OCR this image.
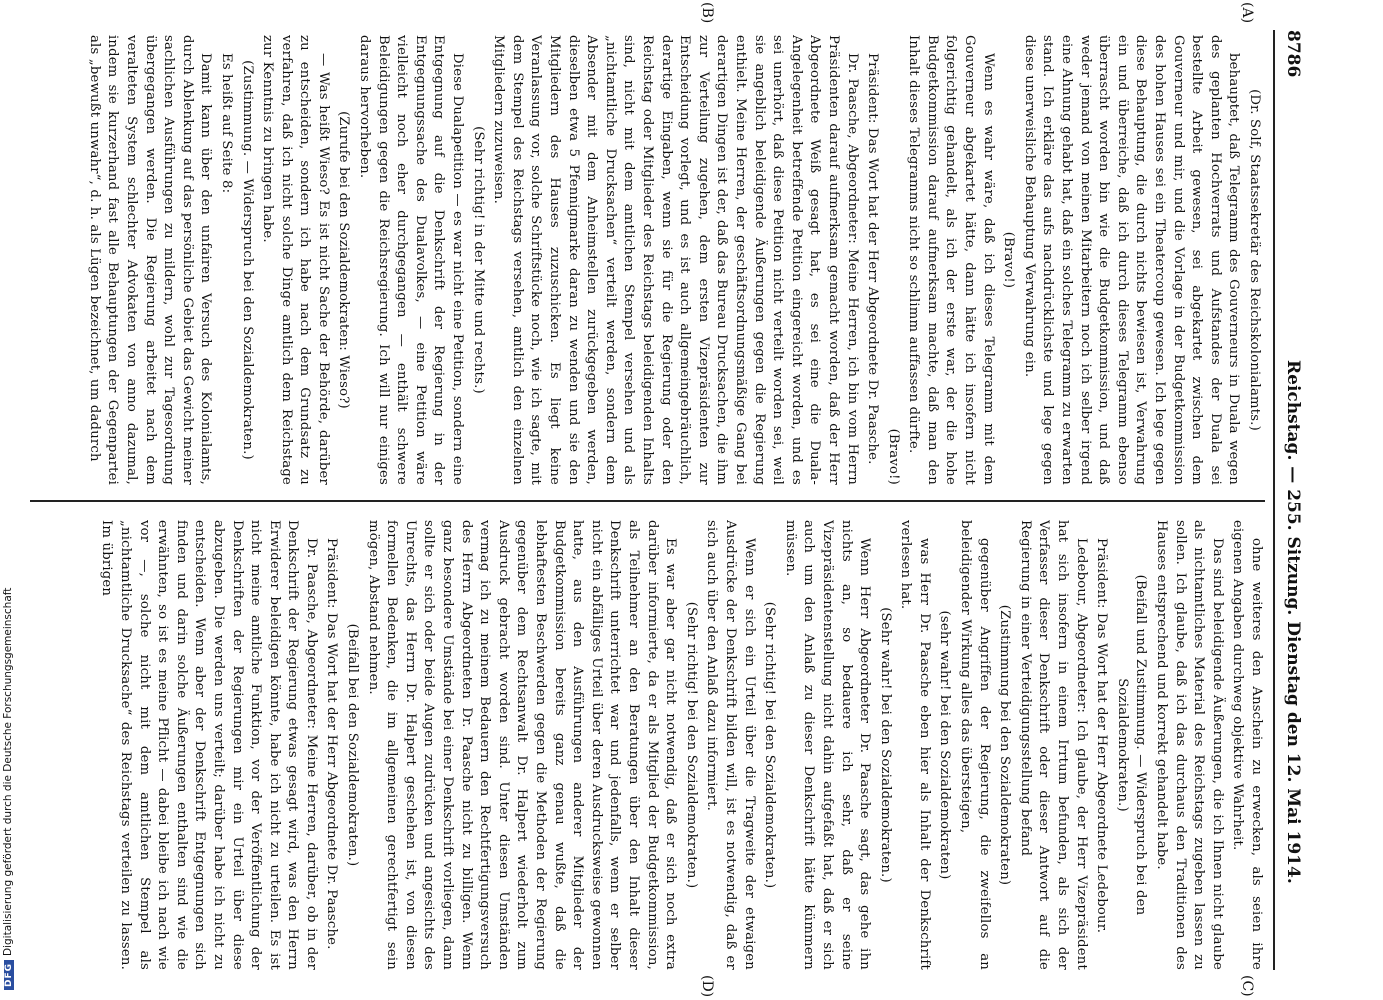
DFGDigitalisierung gefördert durch die Deutsche Forschungsgemeinschaft
8786
Reichstag. — 255. Sitzung. Dienstag den 12. Mai 1914.
(A)
(B)
(C)
(D)

(Dr. Solf, Staatssekretär des Reichskolonialamts.)

behauptet, daß Telegramm des Gouverneurs in Duala wegen des geplanten Hochverrats und Aufstandes der Duala sei bestellte Arbeit gewesen, sei abgekartet zwischen dem Gouverneur und mir, und die Vorlage in der Budgetkommission des hohen Hauses sei ein Theatercoup gewesen. Ich lege gegen diese Behauptung, die durch nichts bewiesen ist, Verwahrung ein und überreiche, daß ich durch dieses Telegramm ebenso überrascht worden bin wie die Budgetkommission, und daß weder jemand von meinen Mitarbeitern noch ich selber irgend eine Ahnung gehabt hat, daß ein solches Telegramm zu erwarten stand. Ich erkläre das aufs nachdrücklichste und lege gegen diese unerweisliche Behauptung Verwahrung ein.

(Bravo!)

Wenn es wahr wäre, daß ich dieses Telegramm mit dem Gouverneur abgekartet hätte, dann hätte ich insofern nicht folgerichtig gehandelt, als ich der erste war, der die hohe Budgetkommission darauf aufmerksam machte, daß man den Inhalt dieses Telegramms nicht so schlimm auffassen dürfte.

(Bravo!)

Präsident: Das Wort hat der Herr Abgeordnete Dr. Paasche.

Dr. Paasche, Abgeordneter: Meine Herren, ich bin vom Herrn Präsidenten darauf aufmerksam gemacht worden, daß der Herr Abgeordnete Weiß gesagt hat, es sei eine die Duala-Angelegenheit betreffende Petition eingereicht worden, und es sei unerhört, daß diese Petition nicht verteilt worden sei, weil sie angeblich beleidigende Äußerungen gegen die Regierung enthielt. Meine Herren, der geschäftsordnungsmäßige Gang bei derartigen Dingen ist der, daß das Bureau Drucksachen, die ihm zur Verteilung zugehen, dem ersten Vizepräsidenten zur Entscheidung vorlegt, und es ist auch allgemeingebräuchlich, derartige Eingaben, wenn sie für die Regierung oder den Reichstag oder Mitglieder des Reichstags beleidigenden Inhalts sind, nicht mit dem amtlichen Stempel versehen und als „nichtamtliche Drucksachen“ verteilt werden, sondern dem Absender mit dem Anheimstellen zurückgegeben werden, dieselben etwa 5 Pfennigmarke daran zu wenden und sie den Mitgliedern des Hauses zuzuschicken. Es liegt keine Veranlassung vor, solche Schriftstücke noch, wie ich sagte, mit dem Stempel des Reichstags versehen, amtlich den einzelnen Mitgliedern zuzuweisen.

(Sehr richtig! in der Mitte und rechts.)

Diese Dualapetition — es war nicht eine Petition, sondern eine Entgegnung auf die Denkschrift der Regierung in der Entgegnungssache des Dualavolkes, — eine Petition wäre vielleicht noch eher durchgegangen — enthält schwere Beleidigungen gegen die Reichsregierung. Ich will nur einiges daraus hervorheben.

(Zurufe bei den Sozialdemokraten: Wieso?)

— Was heißt Wieso? Es ist nicht Sache der Behörde, darüber zu entscheiden, sondern ich habe nach dem Grundsatz zu verfahren, daß ich nicht solche Dinge amtlich dem Reichstage zur Kenntnis zu bringen habe.

(Zustimmung. — Widerspruch bei den Sozialdemokraten.)

Es heißt auf Seite 8:

Damit kann über den unfairen Versuch des Kolonialamts, durch Ablenkung auf das persönliche Gebiet das Gewicht meiner sachlichen Ausführungen zu mildern, wohl zur Tagesordnung übergegangen werden. Die Regierung arbeitet nach dem veralteten System schlechter Advokaten von anno dazumal, indem sie kurzerhand fast alle Behauptungen der Gegenpartei als „bewußt unwahr“, d. h. als Lügen bezeichnet, um dadurch

ohne weiteres den Anschein zu erwecken, als seien ihre eigenen Angaben durchweg objektive Wahrheit.

Das sind beleidigende Äußerungen, die ich Ihnen nicht glaube als nichtamtliches Material des Reichstags zugeben lassen zu sollen. Ich glaube, daß ich das durchaus den Traditionen des Hauses entsprechend und korrekt gehandelt habe.

(Beifall und Zustimmung. — Widerspruch bei den Sozialdemokraten.)

Präsident: Das Wort hat der Herr Abgeordnete Ledebour.

Ledebour, Abgeordneter: Ich glaube, der Herr Vizepräsident hat sich insofern in einem Irrtum befunden, als sich der Verfasser dieser Denkschrift oder dieser Antwort auf die Regierung in einer Verteidigungsstellung befand

(Zustimmung bei den Sozialdemokraten)

gegenüber Angriffen der Regierung, die zweifellos an beleidigender Wirkung alles das übersteigen,

(sehr wahr! bei den Sozialdemokraten)

was Herr Dr. Paasche eben hier als Inhalt der Denkschrift verlesen hat.

(Sehr wahr! bei den Sozialdemokraten.)

Wenn Herr Abgeordneter Dr. Paasche sagt, das gehe ihn nichts an, so bedauere ich sehr, daß er seine Vizepräsidentenstellung nicht dahin aufgefaßt hat, daß er sich auch um den Anlaß zu dieser Denkschrift hätte kümmern müssen.

(Sehr richtig! bei den Sozialdemokraten.)

Wenn er sich ein Urteil über die Tragweite der etwaigen Ausdrücke der Denkschrift bilden will, ist es notwendig, daß er sich auch über den Anlaß dazu informiert.

(Sehr richtig! bei den Sozialdemokraten.)

Es war aber gar nicht notwendig, daß er sich noch extra darüber informierte, da er als Mitglied der Budgetkommission, als Teilnehmer an den Beratungen über den Inhalt dieser Denkschrift unterrichtet war und jedenfalls, wenn er selber nicht ein abfälliges Urteil über deren Ausdrucksweise gewonnen hatte, aus den Ausführungen anderer Mitglieder der Budgetkommission bereits ganz genau wußte, daß die lebhaftesten Beschwerden gegen die Methoden der Regierung gegenüber dem Rechtsanwalt Dr. Halpert wiederholt zum Ausdruck gebracht worden sind. Unter diesen Umständen vermag ich zu meinem Bedauern den Rechtfertigungsversuch des Herrn Abgeordneten Dr. Paasche nicht zu billigen. Wenn ganz besondere Umstände bei einer Denkschrift vorliegen, dann sollte er sich oder beide Augen zudrücken und angesichts des Unrechts, das Herrn Dr. Halpert geschehen ist, von diesen formellen Bedenken, die im allgemeinen gerechtfertigt sein mögen, Abstand nehmen.

(Beifall bei den Sozialdemokraten.)

Präsident: Das Wort hat der Herr Abgeordnete Dr. Paasche.

Dr. Paasche, Abgeordneter: Meine Herren, darüber, ob in der Denkschrift der Regierung etwas gesagt wird, was den Herrn Erwiderer beleidigen könnte, habe ich nicht zu urteilen. Es ist nicht meine amtliche Funktion, vor der Veröffentlichung der Denkschriften der Regierungen mir ein Urteil über diese abzugeben. Die werden uns verteilt; darüber habe ich nicht zu entscheiden. Wenn aber der Denkschrift Entgegnungen sich finden und darin solche Äußerungen enthalten sind wie die erwähnten, so ist es meine Pflicht — dabei bleibe ich nach wie vor —, solche nicht mit dem amtlichen Stempel als „nichtamtliche Drucksache“ des Reichstags verteilen zu lassen. Im übrigen
